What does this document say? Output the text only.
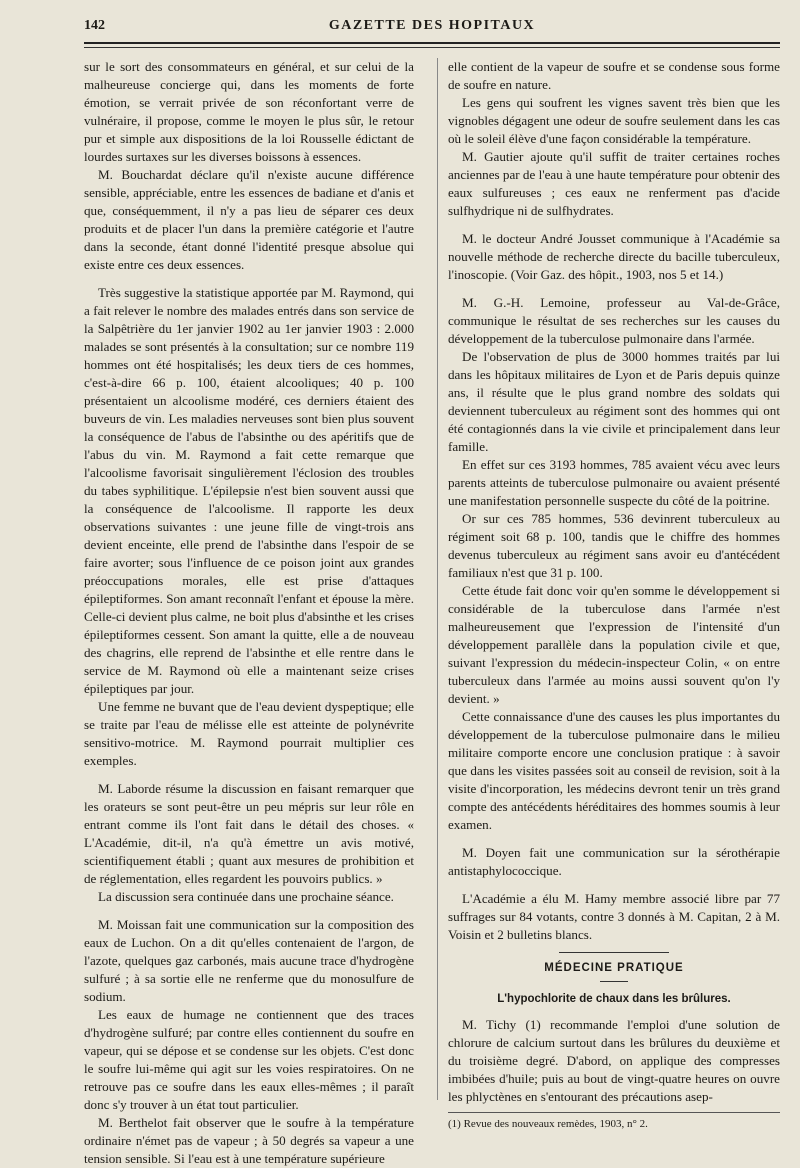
142	GAZETTE DES HOPITAUX

sur le sort des consommateurs en général, et sur celui de la malheureuse concierge qui, dans les moments de forte émotion, se verrait privée de son réconfortant verre de vulnéraire, il propose, comme le moyen le plus sûr, le retour pur et simple aux dispositions de la loi Rousselle édictant de lourdes surtaxes sur les diverses boissons à essences.

M. Bouchardat déclare qu'il n'existe aucune différence sensible, appréciable, entre les essences de badiane et d'anis et que, conséquemment, il n'y a pas lieu de séparer ces deux produits et de placer l'un dans la première catégorie et l'autre dans la seconde, étant donné l'identité presque absolue qui existe entre ces deux essences.

Très suggestive la statistique apportée par M. Raymond, qui a fait relever le nombre des malades entrés dans son service de la Salpêtrière du 1er janvier 1902 au 1er janvier 1903 : 2.000 malades se sont présentés à la consultation; sur ce nombre 119 hommes ont été hospitalisés; les deux tiers de ces hommes, c'est-à-dire 66 p. 100, étaient alcooliques; 40 p. 100 présentaient un alcoolisme modéré, ces derniers étaient des buveurs de vin. Les maladies nerveuses sont bien plus souvent la conséquence de l'abus de l'absinthe ou des apéritifs que de l'abus du vin. M. Raymond a fait cette remarque que l'alcoolisme favorisait singulièrement l'éclosion des troubles du tabes syphilitique. L'épilepsie n'est bien souvent aussi que la conséquence de l'alcoolisme. Il rapporte les deux observations suivantes : une jeune fille de vingt-trois ans devient enceinte, elle prend de l'absinthe dans l'espoir de se faire avorter; sous l'influence de ce poison joint aux grandes préoccupations morales, elle est prise d'attaques épileptiformes. Son amant reconnaît l'enfant et épouse la mère. Celle-ci devient plus calme, ne boit plus d'absinthe et les crises épileptiformes cessent. Son amant la quitte, elle a de nouveau des chagrins, elle reprend de l'absinthe et elle rentre dans le service de M. Raymond où elle a maintenant seize crises épileptiques par jour.

Une femme ne buvant que de l'eau devient dyspeptique; elle se traite par l'eau de mélisse elle est atteinte de polynévrite sensitivo-motrice. M. Raymond pourrait multiplier ces exemples.

M. Laborde résume la discussion en faisant remarquer que les orateurs se sont peut-être un peu mépris sur leur rôle en entrant comme ils l'ont fait dans le détail des choses. « L'Académie, dit-il, n'a qu'à émettre un avis motivé, scientifiquement établi ; quant aux mesures de prohibition et de réglementation, elles regardent les pouvoirs publics. »

La discussion sera continuée dans une prochaine séance.

M. Moissan fait une communication sur la composition des eaux de Luchon. On a dit qu'elles contenaient de l'argon, de l'azote, quelques gaz carbonés, mais aucune trace d'hydrogène sulfuré ; à sa sortie elle ne renferme que du monosulfure de sodium.

Les eaux de humage ne contiennent que des traces d'hydrogène sulfuré; par contre elles contiennent du soufre en vapeur, qui se dépose et se condense sur les objets. C'est donc le soufre lui-même qui agit sur les voies respiratoires. On ne retrouve pas ce soufre dans les eaux elles-mêmes ; il paraît donc s'y trouver à un état tout particulier.

M. Berthelot fait observer que le soufre à la température ordinaire n'émet pas de vapeur ; à 50 degrés sa vapeur a une tension sensible. Si l'eau est à une température supérieure

elle contient de la vapeur de soufre et se condense sous forme de soufre en nature.

Les gens qui soufrent les vignes savent très bien que les vignobles dégagent une odeur de soufre seulement dans les cas où le soleil élève d'une façon considérable la température.

M. Gautier ajoute qu'il suffit de traiter certaines roches anciennes par de l'eau à une haute température pour obtenir des eaux sulfureuses ; ces eaux ne renferment pas d'acide sulfhydrique ni de sulfhydrates.

M. le docteur André Jousset communique à l'Académie sa nouvelle méthode de recherche directe du bacille tuberculeux, l'inoscopie. (Voir Gaz. des hôpit., 1903, nos 5 et 14.)

M. G.-H. Lemoine, professeur au Val-de-Grâce, communique le résultat de ses recherches sur les causes du développement de la tuberculose pulmonaire dans l'armée.

De l'observation de plus de 3000 hommes traités par lui dans les hôpitaux militaires de Lyon et de Paris depuis quinze ans, il résulte que le plus grand nombre des soldats qui deviennent tuberculeux au régiment sont des hommes qui ont été contagionnés dans la vie civile et principalement dans leur famille.

En effet sur ces 3193 hommes, 785 avaient vécu avec leurs parents atteints de tuberculose pulmonaire ou avaient présenté une manifestation personnelle suspecte du côté de la poitrine.

Or sur ces 785 hommes, 536 devinrent tuberculeux au régiment soit 68 p. 100, tandis que le chiffre des hommes devenus tuberculeux au régiment sans avoir eu d'antécédent familiaux n'est que 31 p. 100.

Cette étude fait donc voir qu'en somme le développement si considérable de la tuberculose dans l'armée n'est malheureusement que l'expression de l'intensité d'un développement parallèle dans la population civile et que, suivant l'expression du médecin-inspecteur Colin, « on entre tuberculeux dans l'armée au moins aussi souvent qu'on l'y devient. »

Cette connaissance d'une des causes les plus importantes du développement de la tuberculose pulmonaire dans le milieu militaire comporte encore une conclusion pratique : à savoir que dans les visites passées soit au conseil de revision, soit à la visite d'incorporation, les médecins devront tenir un très grand compte des antécédents héréditaires des hommes soumis à leur examen.

M. Doyen fait une communication sur la sérothérapie antistaphylococcique.

L'Académie a élu M. Hamy membre associé libre par 77 suffrages sur 84 votants, contre 3 donnés à M. Capitan, 2 à M. Voisin et 2 bulletins blancs.

MÉDECINE PRATIQUE
L'hypochlorite de chaux dans les brûlures.

M. Tichy (1) recommande l'emploi d'une solution de chlorure de calcium surtout dans les brûlures du deuxième et du troisième degré. D'abord, on applique des compresses imbibées d'huile; puis au bout de vingt-quatre heures on ouvre les phlyctènes en s'entourant des précautions asep-

(1) Revue des nouveaux remèdes, 1903, n° 2.
